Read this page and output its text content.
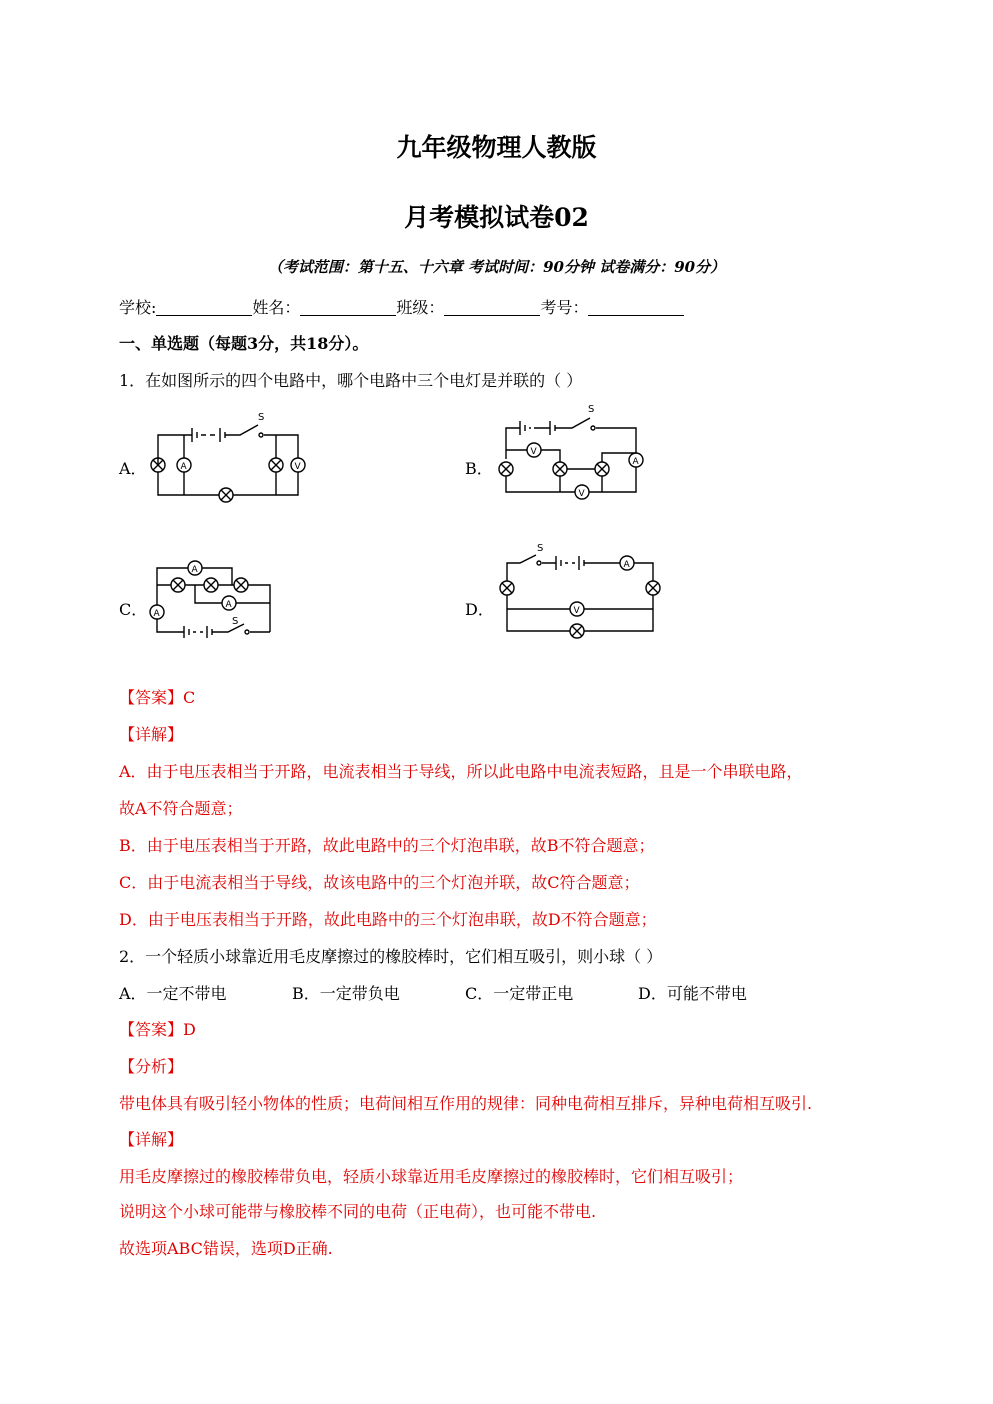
九年级物理人教版
月考模拟试卷02
（考试范围：第十五、十六章 考试时间：90分钟 试卷满分：90分）
学校:	姓名：	班级：	考号：
一、单选题（每题3分，共18分）。
1．在如图所示的四个电路中，哪个电路中三个电灯是并联的（ ）
A．	B．
C．	D．
S
A	V
S
V
A
V
A
A
A
S
S
A
V
【答案】C
【详解】
A．由于电压表相当于开路，电流表相当于导线，所以此电路中电流表短路，且是一个串联电路，
故A不符合题意；
B．由于电压表相当于开路，故此电路中的三个灯泡串联，故B不符合题意；
C．由于电流表相当于导线，故该电路中的三个灯泡并联，故C符合题意；
D．由于电压表相当于开路，故此电路中的三个灯泡串联，故D不符合题意；
2．一个轻质小球靠近用毛皮摩擦过的橡胶棒时，它们相互吸引，则小球（ ）
A．一定不带电	B．一定带负电	C．一定带正电	D．可能不带电
【答案】D
【分析】
带电体具有吸引轻小物体的性质；电荷间相互作用的规律：同种电荷相互排斥，异种电荷相互吸引.
【详解】
用毛皮摩擦过的橡胶棒带负电，轻质小球靠近用毛皮摩擦过的橡胶棒时，它们相互吸引；
说明这个小球可能带与橡胶棒不同的电荷（正电荷），也可能不带电.
故选项ABC错误，选项D正确.
